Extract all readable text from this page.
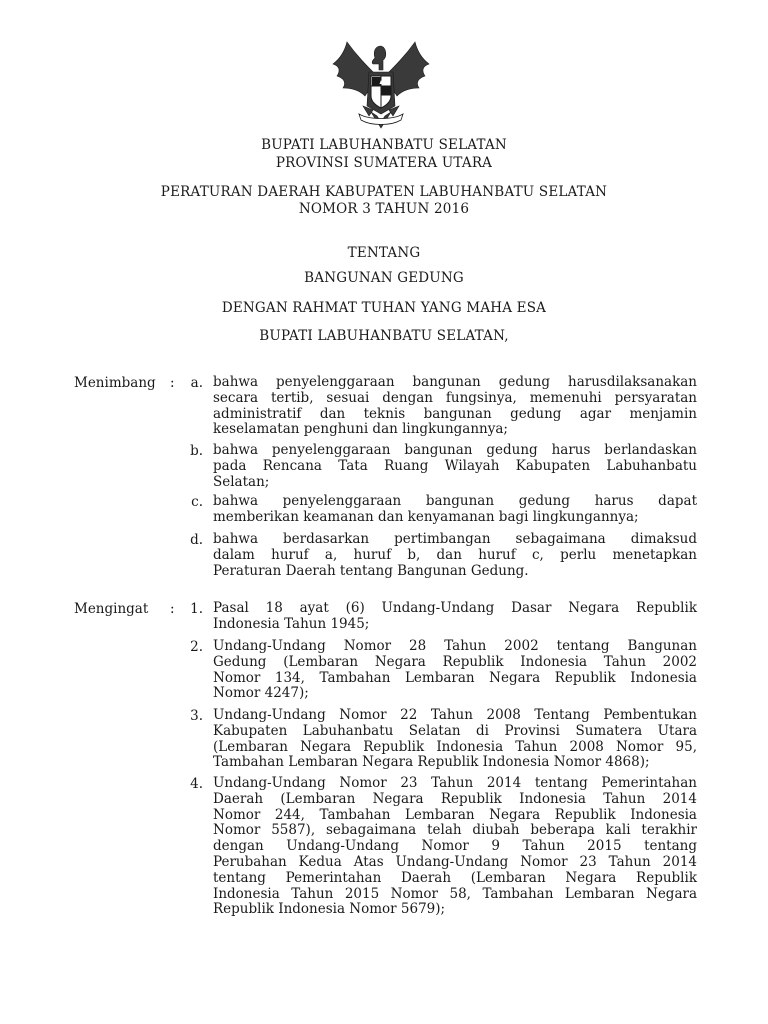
BUPATI LABUHANBATU SELATAN
PROVINSI SUMATERA UTARA
PERATURAN DAERAH KABUPATEN LABUHANBATU SELATAN
NOMOR 3 TAHUN 2016
TENTANG
BANGUNAN GEDUNG
DENGAN RAHMAT TUHAN YANG MAHA ESA
BUPATI LABUHANBATU SELATAN,
Menimbang :	a. bahwa penyelenggaraan bangunan gedung harusdilaksanakan
secara tertib, sesuai dengan fungsinya, memenuhi persyaratan
administratif dan teknis bangunan gedung agar menjamin
keselamatan penghuni dan lingkungannya;
b. bahwa penyelenggaraan bangunan gedung harus berlandaskan
pada Rencana Tata Ruang Wilayah Kabupaten Labuhanbatu
Selatan;
c. bahwa penyelenggaraan bangunan gedung harus dapat
memberikan keamanan dan kenyamanan bagi lingkungannya;
d. bahwa berdasarkan pertimbangan sebagaimana dimaksud
dalam huruf a, huruf b, dan huruf c, perlu menetapkan
Peraturan Daerah tentang Bangunan Gedung.
Mengingat :	1. Pasal 18 ayat (6) Undang-Undang Dasar Negara Republik
Indonesia Tahun 1945;
2. Undang-Undang Nomor 28 Tahun 2002 tentang Bangunan
Gedung (Lembaran Negara Republik Indonesia Tahun 2002
Nomor 134, Tambahan Lembaran Negara Republik Indonesia
Nomor 4247);
3. Undang-Undang Nomor 22 Tahun 2008 Tentang Pembentukan
Kabupaten Labuhanbatu Selatan di Provinsi Sumatera Utara
(Lembaran Negara Republik Indonesia Tahun 2008 Nomor 95,
Tambahan Lembaran Negara Republik Indonesia Nomor 4868);
4. Undang-Undang Nomor 23 Tahun 2014 tentang Pemerintahan
Daerah (Lembaran Negara Republik Indonesia Tahun 2014
Nomor 244, Tambahan Lembaran Negara Republik Indonesia
Nomor 5587), sebagaimana telah diubah beberapa kali terakhir
dengan Undang-Undang Nomor 9 Tahun 2015 tentang
Perubahan Kedua Atas Undang-Undang Nomor 23 Tahun 2014
tentang Pemerintahan Daerah (Lembaran Negara Republik
Indonesia Tahun 2015 Nomor 58, Tambahan Lembaran Negara
Republik Indonesia Nomor 5679);
